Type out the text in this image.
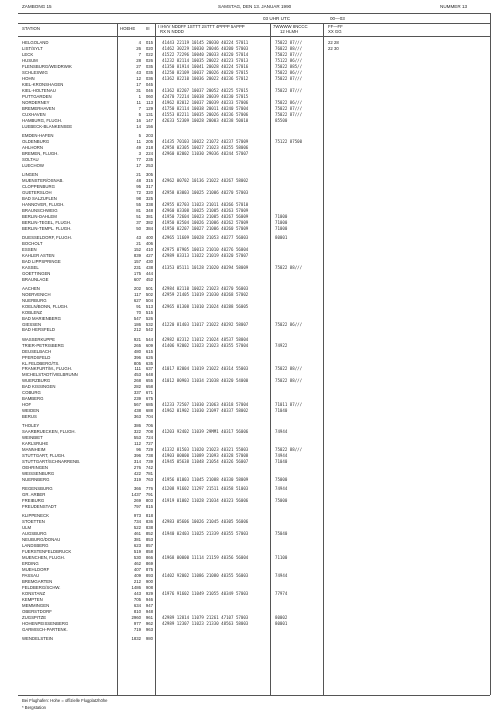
ZAMBONG 15	SAMSTAG, DEN 13. JANUAR 1990	NUMMER 13
03 UHR UTC	00—03
STATION	HOEHE III I IHVV NDDFF 1STTT 2STTT 4PPPP 5APPP
RX N NDDD
7WWWW 8NCCC
12 HLMH
FF—FF
XX GG
HELGOLAND	4	015 41443 22119 10145 20030 40224 57011	75022 87///	22 28
LIST/SYLT	26	020 41462 30229 10030 20046 40200 57003	76022 88///	22 30
LECK	7	022 41522 72296 10040 20033 40220 57014	75022 87///
HUSUM	28	026 41232 82114 10035 20022 40223 57013	75122 86///
FLENSBURG/WEIDRWIK	27	035 41350 81914 10041 20028 40224 57016	75022 885//
SCHLESWIG	43	035 41250 82109 10037 20026 40220 57015	75022 86///
HOHN	12	036 41362 82210 10036 20022 40236 57012	75022 87///
KIEL-KRONSHAGEN	17	045
KIEL-HOLTENAU	31	046 41362 82207 10037 20052 40225 57015	75022 87///
PUTTGARDEN	1	060 42470 72214 10038 20039 40230 57015
NORDERNEY	11	113 41962 82012 10037 20039 40233 57006	75022 86///
BREMERHAVEN	7	129 41750 82114 10038 20011 40240 57004	75022 87///
CUXHAVEN	5	131 41553 82211 10035 20026 40236 57006	75022 87///
HAMBURG, FLUGH.	16	147 42633 52309 10028 20003 40238 50010	85500
LUEBECK-BLANKENSEE	14	156
EMDEN-HAFEN	5	203
OLDENBURG	11	205 41435 70103 10022 21072 40237 57009	75122 87500
AHLHORN	49	218 42958 02305 10027 21023 40255 58006
BREMEN, FLUGH.	3	224 42960 02002 11030 29036 40244 57007
SOLTAU	77	235
LUECHOW	17	253
LINGEN	21	305
MUENSTER/OSNAB.	48	315 42962 00702 10136 21022 40267 58002
CLOPPENBURG	95	317
GUETERSLOH	72	320 42958 03003 10025 21006 40270 57003
BAD SALZUFLEN	98	325
HANNOVER, FLUGH.	55	338 42955 02703 11023 21011 40266 57010
BRAUNSCHWEIG	81	348 42960 03308 10025 21005 40263 57009
BERLIN-DAHLEM	51	381 41950 72604 10023 21005 40267 56009	71000
BERLIN-TEGEL, FLUGH.	37	382 41950 02504 10026 21006 40262 57009	71000
BERLIN-TEMPL. FLUGH.	50	384 41950 02207 10027 21006 40260 57009	71000
DUESSELDORF, FLUGH.	43	400 42965 11609 10028 21053 40277 56003	80001
BOCHOLT	21	406
ESSEN	152	410 42975 07905 10013 21010 40276 56004
KAHLER ASTEN	839	427 42989 03313 11022 21019 40320 57007
BAD LIPPSPRINGE	157	430
KASSEL	231	438 41353 05111 10128 21020 40294 58009	75022 88///
GOETTINGEN	175	444
BRAUNLAGE	607	452
AACHEN	202	501 42984 02110 10022 21023 40270 56003
NOERVENICH	117	502 42959 21405 11019 21030 40268 57002
NUERBURG	627	504
KOELN/BONN, FLUGH.	91	513 42965 01308 11010 21024 40288 56005
KOBLENZ	70	515
BAD MARIENBERG	547	526
GIESSEN	186	532 41220 81403 11017 21022 40292 58007	75022 86///
BAD HERSFELD	212	542
WASSERKUPPE	921	544 42982 02312 11012 21024 48537 58004
TRIER-PETRISBERG	265	609 41406 92002 11023 21023 40355 57004	74922
DEUSELBACH	480	615
PFERDSFELD	396	626
KL.FELDBERG/TS.	805	635
FRANKFURT/M., FLUGH.	111	637 41017 82004 11019 21022 40314 55003	75022 88///
MICHELSTADT/VIELBRUNN	453	648
WUERZBURG	268	655 41012 80903 11034 21038 40320 54000	75022 88///
BAD KISSINGEN	282	658
COBURG	337	671
BAMBERG	239	675
HOF	567	685 41233 72507 11030 21063 40318 57004	71011 87///
WEIDEN	438	688 41962 01902 11030 21097 40337 58002	71040
BERUS	363	704
THOLEY	386	706
SAARBRUECKEN, FLUGH.	322	708 41203 92402 11039 29MM1 40317 56006	74944
WEINBIET	553	724
KARLSRUHE	112	727
MANNHEIM	96	729 41332 81503 11020 21023 40321 55003	75022 88///
STUTTGART, FLUGH.	396	738 41903 00000 11089 21093 40328 57008	74944
STUTTGART/SCHNARRENB.	314	739 41945 05638 11048 21054 40326 56007	71040
OEHRINGEN	276	742
WEISSENBURG	422	781
NUERNBERG	319	763 41956 01003 11045 21088 40330 58009	75000
REGENSBURG	366	776 41208 91602 11297 21511 40358 51003	74944
GR. ARBER	1437	791
FREIBURG	269	803 41919 01002 11028 21034 40323 56006	75000
FREUDENSTADT	797	815
KLIPPENECK	973	818
STOETTEN	734	836 42983 05606 10026 21045 40305 56006
ULM	522	838
AUGSBURG	461	852 41940 02403 11025 21339 40355 57003	75040
NEUBURG/DONAU	381	853
LANDSBERG	623	857
FUERSTENFELDBRUCK	519	858
MUENCHEN, FLUGH.	530	866 41968 00000 11114 21159 40356 56004	71100
ERDING	462	869
MUEHLDORF	407	875
PASSAU	409	893 41402 92002 11086 21080 40355 56003	74944
BREMGARTEN	212	900
FELDBERG/SCHW.	1486	908
KONSTANZ	443	929 41976 91602 11049 21055 40349 57003	77974
KEMPTEN	705	946
MEMMINGEN	634	947
OBERSTDORF	810	948
ZUGSPITZE	2960	961 42989 12814 11079 21261 47107 57003	80002
HOHENPEISSENBERG	977	962 42989 12307 11023 21330 48563 58003	80001
GARMISCH-PARTENK.	719	963
WENDELSTEIN	1832	980
Bei Flughafen: Hohe = offizielle Flugplatzhöhe
* Bergstation
